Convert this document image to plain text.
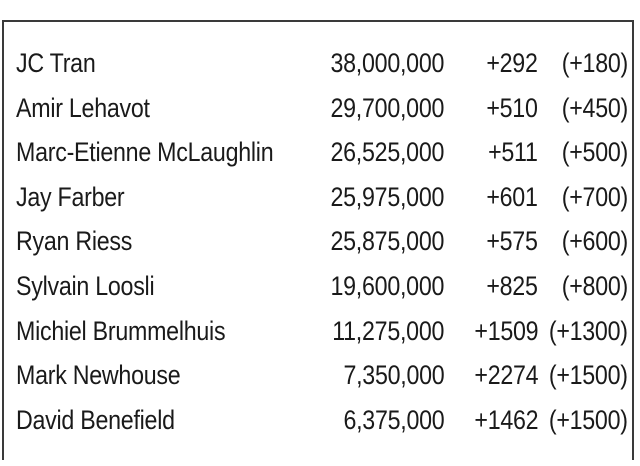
JC Tran	38,000,000 +292 (+180)
Amir Lehavot	29,700,000 +510 (+450)
Marc-Etienne McLaughlin 26,525,000 +511 (+500)
Jay Farber	25,975,000 +601 (+700)
Ryan Riess	25,875,000 +575 (+600)
Sylvain Loosli	19,600,000 +825 (+800)
Michiel Brummelhuis	11,275,000 +1509 (+1300)
Mark Newhouse	7,350,000 +2274 (+1500)
David Benefield	6,375,000 +1462 (+1500)
